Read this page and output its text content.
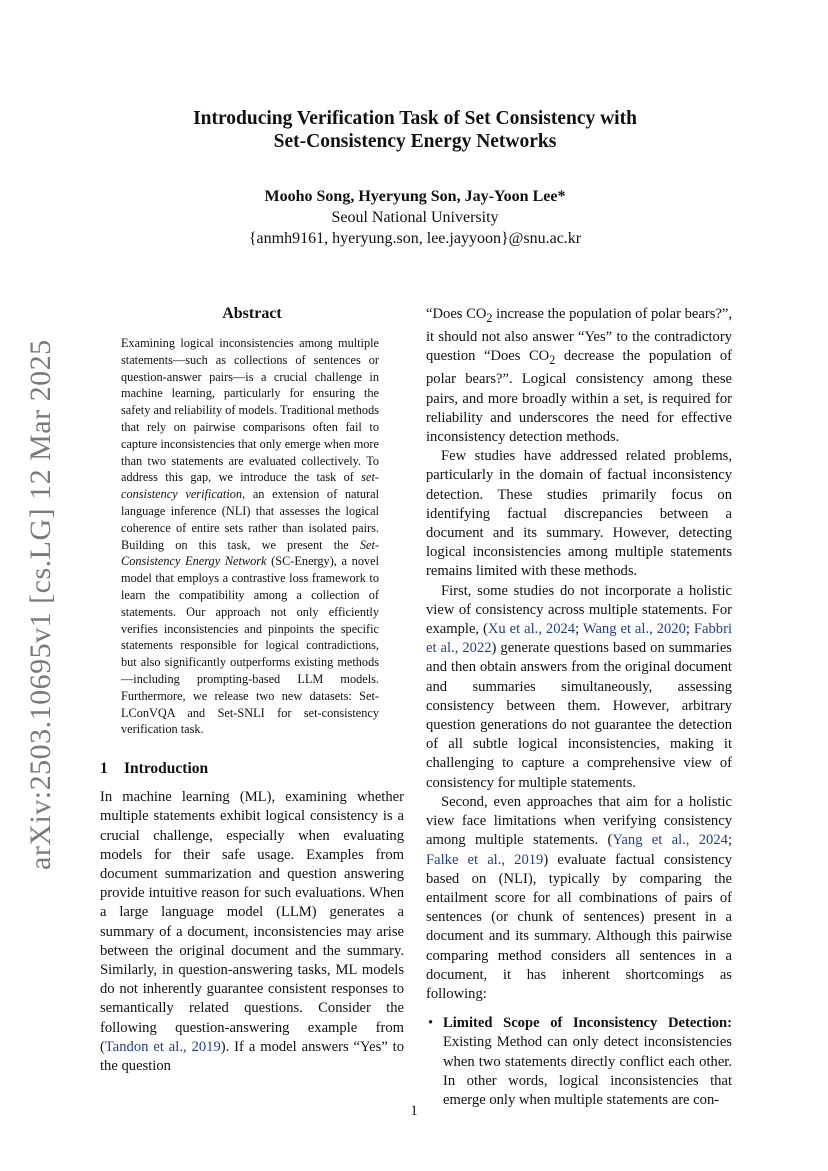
arXiv:2503.10695v1 [cs.LG] 12 Mar 2025
Introducing Verification Task of Set Consistency with
Set-Consistency Energy Networks
Mooho Song, Hyeryung Son, Jay-Yoon Lee*
Seoul National University
{anmh9161, hyeryung.son, lee.jayyoon}@snu.ac.kr
Abstract

Examining logical inconsistencies among multiple statements—such as collections of sentences or question-answer pairs—is a crucial challenge in machine learning, particularly for ensuring the safety and reliability of models. Traditional methods that rely on pairwise comparisons often fail to capture inconsistencies that only emerge when more than two statements are evaluated collectively. To address this gap, we introduce the task of set-consistency verification, an extension of natural language inference (NLI) that assesses the logical coherence of entire sets rather than isolated pairs. Building on this task, we present the Set-Consistency Energy Network (SC-Energy), a novel model that employs a contrastive loss framework to learn the compatibility among a collection of statements. Our approach not only efficiently verifies inconsistencies and pinpoints the specific statements responsible for logical contradictions, but also significantly outperforms existing methods—including prompting-based LLM models. Furthermore, we release two new datasets: Set-LConVQA and Set-SNLI for set-consistency verification task.

1 Introduction

In machine learning (ML), examining whether multiple statements exhibit logical consistency is a crucial challenge, especially when evaluating models for their safe usage. Examples from document summarization and question answering provide intuitive reason for such evaluations. When a large language model (LLM) generates a summary of a document, inconsistencies may arise between the original document and the summary. Similarly, in question-answering tasks, ML models do not inherently guarantee consistent responses to semantically related questions. Consider the following question-answering example from (Tandon et al., 2019). If a model answers “Yes” to the question

“Does $CO_2$ increase the population of polar bears?”, it should not also answer “Yes” to the contradictory question “Does $CO_2$ decrease the population of polar bears?”. Logical consistency among these pairs, and more broadly within a set, is required for reliability and underscores the need for effective inconsistency detection methods.

Few studies have addressed related problems, particularly in the domain of factual inconsistency detection. These studies primarily focus on identifying factual discrepancies between a document and its summary. However, detecting logical inconsistencies among multiple statements remains limited with these methods.

First, some studies do not incorporate a holistic view of consistency across multiple statements. For example, (Xu et al., 2024; Wang et al., 2020; Fabbri et al., 2022) generate questions based on summaries and then obtain answers from the original document and summaries simultaneously, assessing consistency between them. However, arbitrary question generations do not guarantee the detection of all subtle logical inconsistencies, making it challenging to capture a comprehensive view of consistency for multiple statements.

Second, even approaches that aim for a holistic view face limitations when verifying consistency among multiple statements. (Yang et al., 2024; Falke et al., 2019) evaluate factual consistency based on (NLI), typically by comparing the entailment score for all combinations of pairs of sentences (or chunk of sentences) present in a document and its summary. Although this pairwise comparing method considers all sentences in a document, it has inherent shortcomings as following:

• Limited Scope of Inconsistency Detection: Existing Method can only detect inconsistencies when two statements directly conflict each other. In other words, logical inconsistencies that emerge only when multiple statements are con-
1
